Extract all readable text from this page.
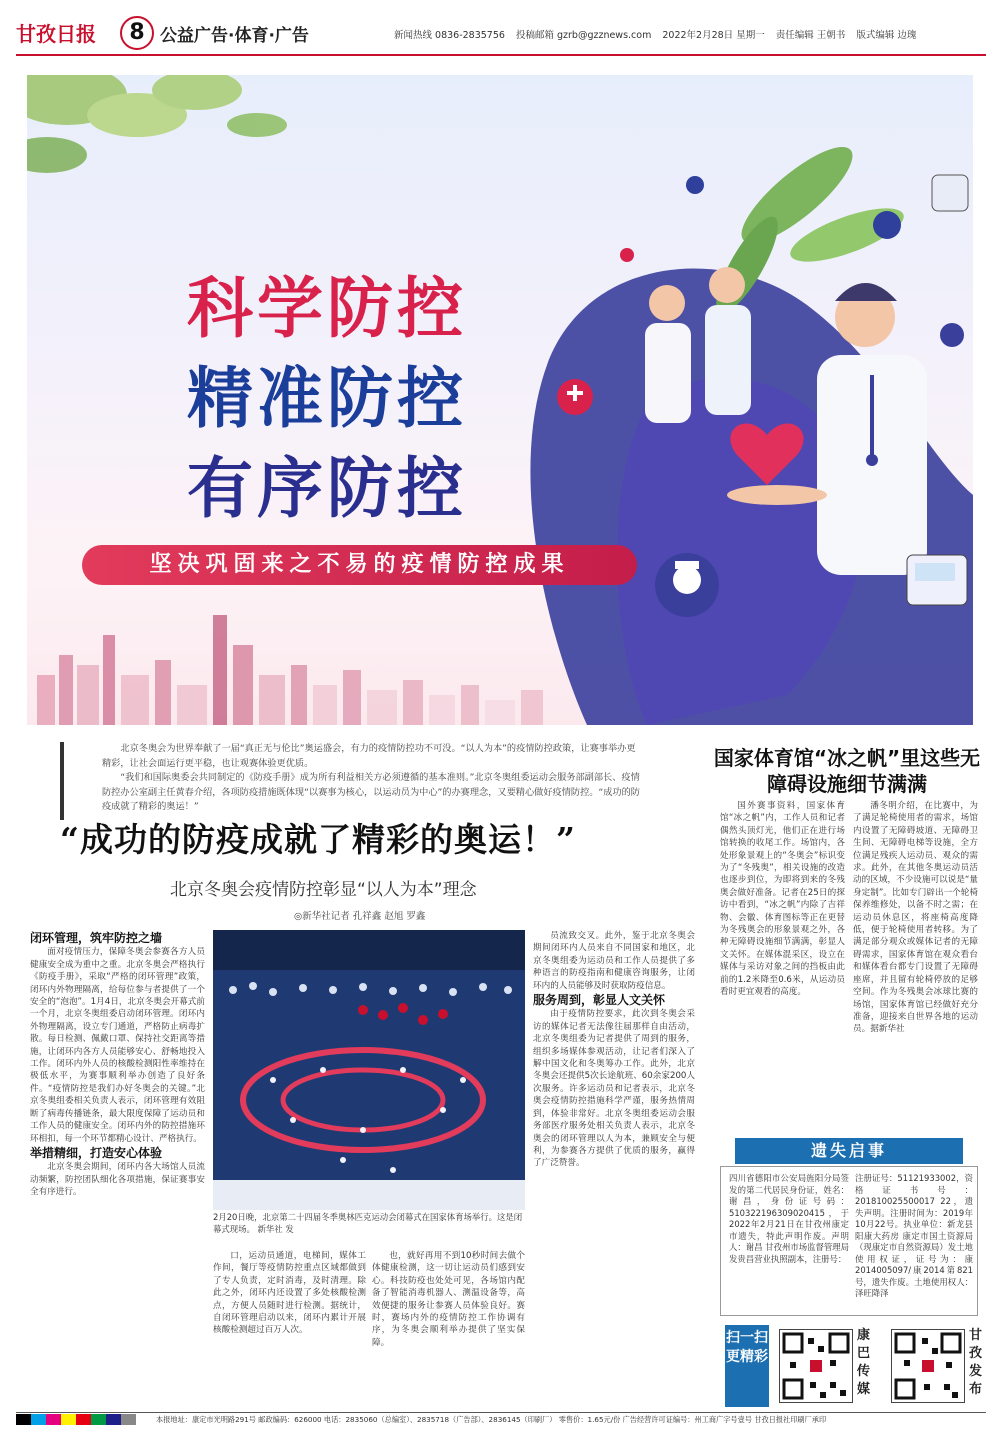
甘孜日报	8 公益广告·体育·广告	新闻热线 0836-2835756 投稿邮箱 gzrb@gzznews.com 2022年2月28日 星期一 责任编辑 王朝书 版式编辑 边瑰
科学防控
精准防控
有序防控
坚决巩固来之不易的疫情防控成果

北京冬奥会为世界奉献了一届“真正无与伦比”奥运盛会，有力的疫情防控功不可没。“以人为本”的疫情防控政策，让赛事举办更精彩，让社会面运行更平稳，也让观赛体验更优质。

“我们和国际奥委会共同制定的《防疫手册》成为所有利益相关方必须遵循的基本准则。”北京冬奥组委运动会服务部副部长、疫情防控办公室副主任黄春介绍，各项防疫措施既体现“以赛事为核心，以运动员为中心”的办赛理念，又要精心做好疫情防控。“成功的防疫成就了精彩的奥运！”

“成功的防疫成就了精彩的奥运！”
北京冬奥会疫情防控彰显“以人为本”理念
◎新华社记者 孔祥鑫 赵旭 罗鑫
闭环管理，筑牢防控之墙

面对疫情压力，保障冬奥会参赛各方人员健康安全成为重中之重。北京冬奥会严格执行《防疫手册》，采取“严格的闭环管理”政策，闭环内外物理隔离，给每位参与者提供了一个安全的“泡泡”。1月4日，北京冬奥会开幕式前一个月，北京冬奥组委启动闭环管理。闭环内外物理隔离，设立专门通道，严格防止病毒扩散。每日检测、佩戴口罩、保持社交距离等措施，让闭环内各方人员能够安心、舒畅地投入工作。闭环内外人员的核酸检测阳性率维持在极低水平，为赛事顺利举办创造了良好条件。“疫情防控是我们办好冬奥会的关键。”北京冬奥组委相关负责人表示，闭环管理有效阻断了病毒传播链条，最大限度保障了运动员和工作人员的健康安全。闭环内外的防控措施环环相扣，每一个环节都精心设计、严格执行。

举措精细，打造安心体验

北京冬奥会期间，闭环内各大场馆人员流动频繁，防控团队细化各项措施，保证赛事安全有序进行。

2月20日晚，北京第二十四届冬季奥林匹克运动会闭幕式在国家体育场举行。这是闭幕式现场。 新华社 发

口，运动员通道，电梯间，媒体工作间，餐厅等疫情防控重点区域都做到了专人负责，定时消毒，及时清理。除此之外，闭环内还设置了多处核酸检测点，方便人员随时进行检测。据统计，自闭环管理启动以来，闭环内累计开展核酸检测超过百万人次。

也，就好再用不到10秒时间去做个体健康检测，这一切让运动员们感到安心。科技防疫也处处可见，各场馆内配备了智能消毒机器人、测温设备等，高效便捷的服务让参赛人员体验良好。赛时，赛场内外的疫情防控工作协调有序，为冬奥会顺利举办提供了坚实保障。

员流致交叉。此外，鉴于北京冬奥会期间闭环内人员来自不同国家和地区，北京冬奥组委为运动员和工作人员提供了多种语言的防疫指南和健康咨询服务，让闭环内的人员能够及时获取防疫信息。

服务周到，彰显人文关怀

由于疫情防控要求，此次到冬奥会采访的媒体记者无法像往届那样自由活动，北京冬奥组委为记者提供了周到的服务，组织多场媒体参观活动，让记者们深入了解中国文化和冬奥筹办工作。此外，北京冬奥会还提供5次长途航班、60余家200人次服务。许多运动员和记者表示，北京冬奥会疫情防控措施科学严谨，服务热情周到，体验非常好。北京冬奥组委运动会服务部医疗服务处相关负责人表示，北京冬奥会的闭环管理以人为本，兼顾安全与便利，为参赛各方提供了优质的服务，赢得了广泛赞誉。

国家体育馆“冰之帆”里这些无障碍设施细节满满

国外赛事资料，国家体育馆“冰之帆”内，工作人员和记者偶然头顶灯光，他们正在进行场馆转换的收尾工作。场馆内，各处形象景观上的“冬奥会”标识变为了“冬残奥”，相关设施的改造也逐步到位，为即将到来的冬残奥会做好准备。记者在25日的探访中看到，“冰之帆”内除了吉祥物、会徽、体育图标等正在更替为冬残奥会的形象景观之外，各种无障碍设施细节满满，彰显人文关怀。在媒体混采区，设立在媒体与采访对象之间的挡板由此前的1.2米降至0.6米，从运动员看时更宜观看的高度。

潘冬明介绍，在比赛中，为了满足轮椅使用者的需求，场馆内设置了无障碍坡道、无障碍卫生间、无障碍电梯等设施，全方位满足残疾人运动员、观众的需求。此外，在其他冬奥运动员活动的区域，不少设施可以说是“量身定制”。比如专门辟出一个轮椅保养维修处，以备不时之需；在运动员休息区，将座椅高度降低，便于轮椅使用者转移。为了满足部分观众或媒体记者的无障碍需求，国家体育馆在观众看台和媒体看台都专门设置了无障碍座席，并且留有轮椅停放的足够空间。作为冬残奥会冰球比赛的场馆，国家体育馆已经做好充分准备，迎接来自世界各地的运动员。据新华社

遗失启事

四川省德阳市公安局旌阳分局签发的第二代居民身份证，姓名：谢昌，身份证号码：510322196309020415，于2022年2月21日在甘孜州康定市遗失，特此声明作废。声明人：谢昌 甘孜州市场监督管理局发贵昌营业执照副本，注册号：

注册证号：51121933002，资格证书号：201810025500017 22，遗失声明。注册时间为：2019年10月22号。执业单位：新龙县阳康大药房 康定市国土资源局（现康定市自然资源局）发土地使用权证，证号为：康2014005097/康2014第821号，遗失作废。土地使用权人：泽旺降泽

扫一扫 更精彩
康巴传媒
甘孜发布
本报地址：康定市光明路291号 邮政编码：626000 电话：2835060（总编室）、2835718（广告部）、2836145（印刷厂） 零售价：1.65元/份 广告经营许可证编号：州工商广字号壹号 甘孜日报社印刷厂承印
